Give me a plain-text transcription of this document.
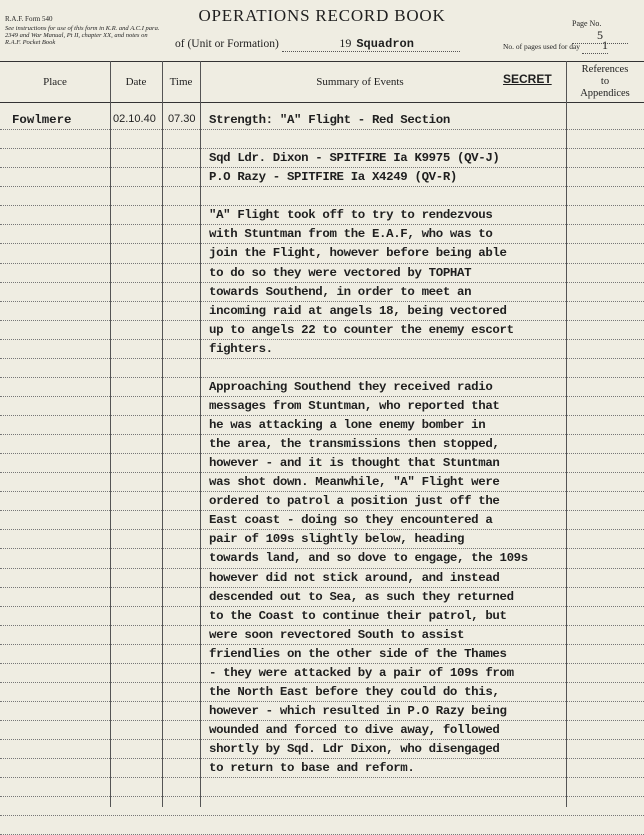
R.A.F. Form 540
See instructions for use of this form in K.R. and A.C.I para. 2349 and War Manual, Pt II, chapter XX, and notes on R.A.F. Pocket Book
OPERATIONS RECORD BOOK
of (Unit or Formation)	19 Squadron
Page No. 5
No. of pages used for day 1
Place	Date	Time	Summary of Events	SECRET
References
to
Appendices
Fowlmere	02.10.40 07.30 Strength: "A" Flight - Red Section
Sqd Ldr. Dixon - SPITFIRE Ia K9975 (QV-J)
P.O Razy - SPITFIRE Ia X4249 (QV-R)
"A" Flight took off to try to rendezvous
with Stuntman from the E.A.F, who was to
join the Flight, however before being able
to do so they were vectored by TOPHAT
towards Southend, in order to meet an
incoming raid at angels 18, being vectored
up to angels 22 to counter the enemy escort
fighters.
Approaching Southend they received radio
messages from Stuntman, who reported that
he was attacking a lone enemy bomber in
the area, the transmissions then stopped,
however - and it is thought that Stuntman
was shot down. Meanwhile, "A" Flight were
ordered to patrol a position just off the
East coast - doing so they encountered a
pair of 109s slightly below, heading
towards land, and so dove to engage, the 109s
however did not stick around, and instead
descended out to Sea, as such they returned
to the Coast to continue their patrol, but
were soon revectored South to assist
friendlies on the other side of the Thames
- they were attacked by a pair of 109s from
the North East before they could do this,
however - which resulted in P.O Razy being
wounded and forced to dive away, followed
shortly by Sqd. Ldr Dixon, who disengaged
to return to base and reform.
